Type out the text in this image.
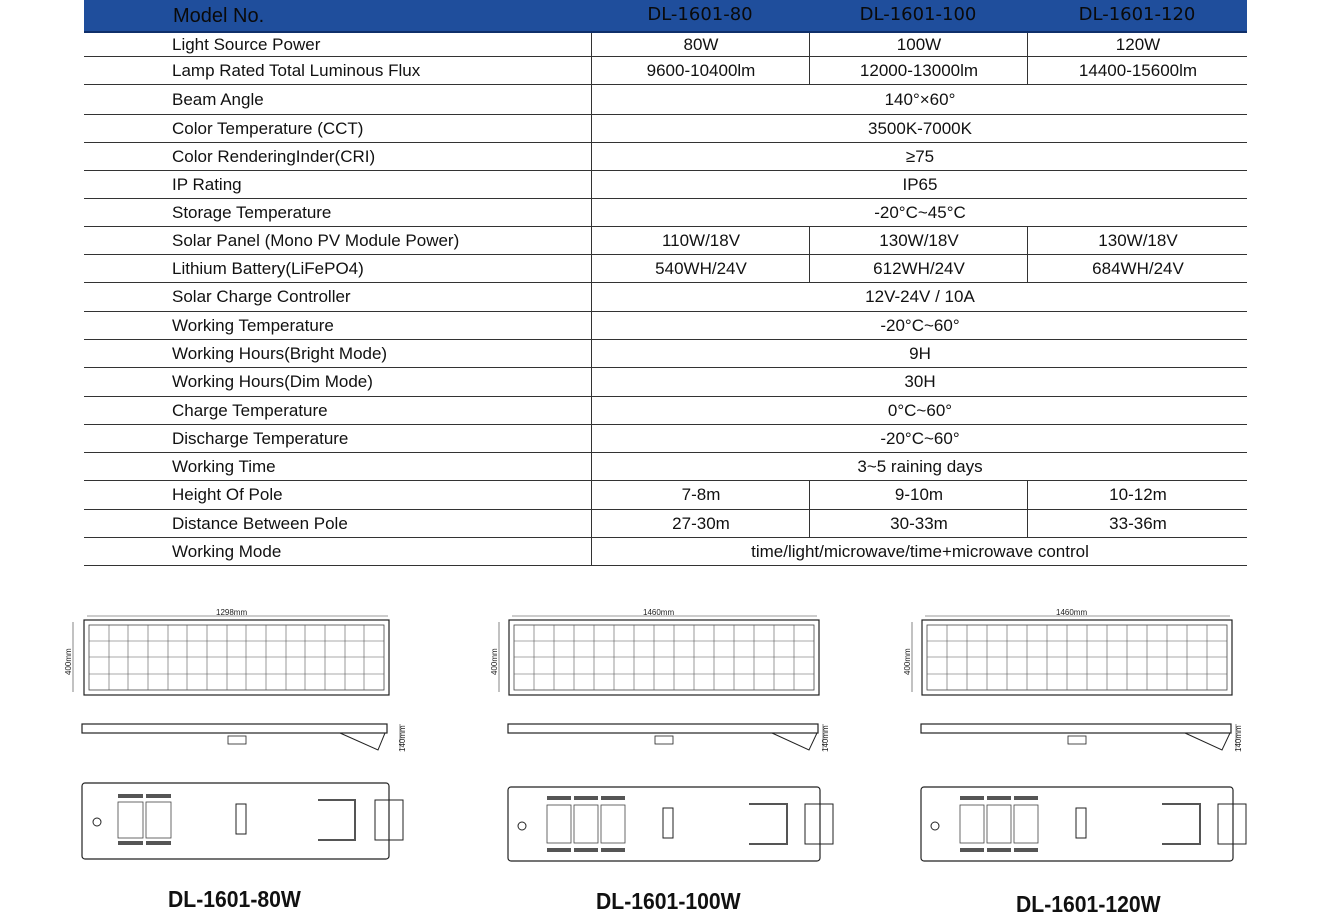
Model No.	DL-1601-80	DL-1601-100	DL-1601-120
Light Source Power	80W	100W	120W
Lamp Rated Total Luminous Flux	9600-10400lm	12000-13000lm	14400-15600lm
Beam Angle	140°×60°
Color Temperature (CCT)	3500K-7000K
Color RenderingInder(CRI)	≥75
IP Rating	IP65
Storage Temperature	-20°C~45°C
Solar Panel (Mono PV Module Power)	110W/18V	130W/18V	130W/18V
Lithium Battery(LiFePO4)	540WH/24V	612WH/24V	684WH/24V
Solar Charge Controller	12V-24V / 10A
Working Temperature	-20°C~60°
Working Hours(Bright Mode)	9H
Working Hours(Dim Mode)	30H
Charge Temperature	0°C~60°
Discharge Temperature	-20°C~60°
Working Time	3~5 raining days
Height Of Pole	7-8m	9-10m	10-12m
Distance Between Pole	27-30m	30-33m	33-36m
Working Mode	time/light/microwave/time+microwave control
1298mm
400mm
140mm
1460mm
400mm
140mm
1460mm
400mm
140mm
DL-1601-80W	DL-1601-100W	DL-1601-120W
